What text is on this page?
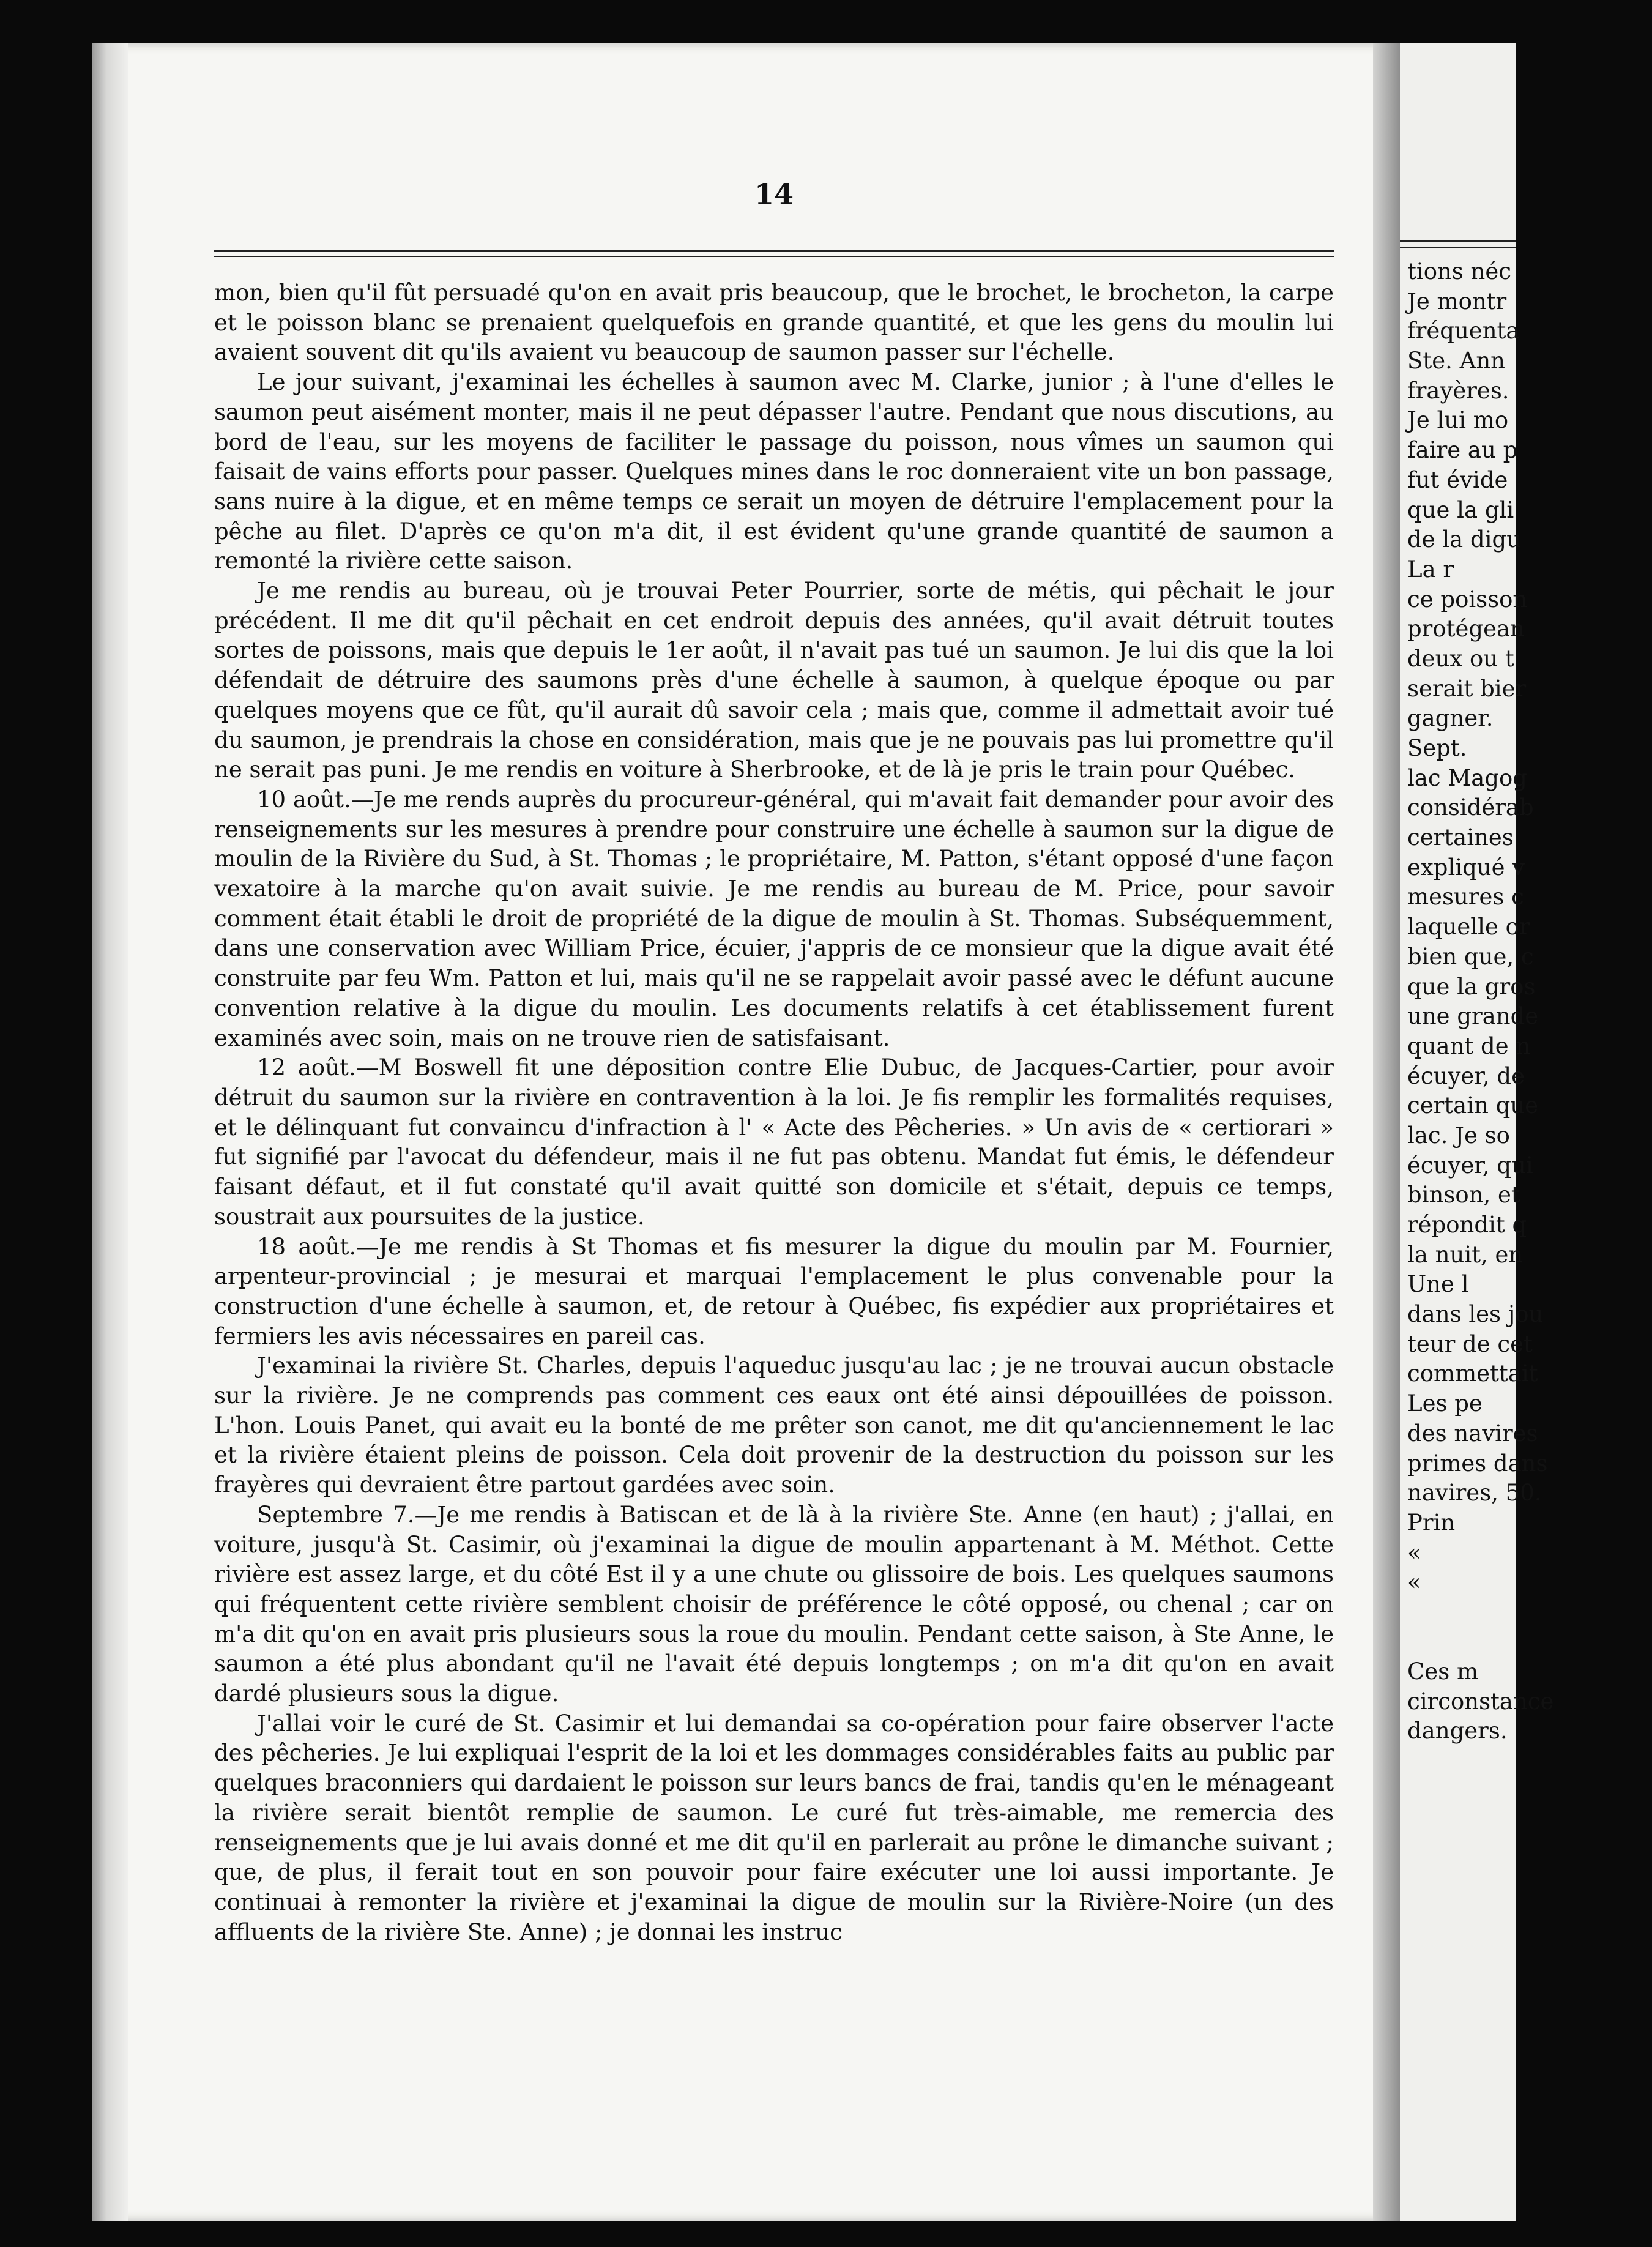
14

mon, bien qu'il fût persuadé qu'on en avait pris beaucoup, que le brochet, le brocheton, la carpe et le poisson blanc se prenaient quelquefois en grande quantité, et que les gens du moulin lui avaient souvent dit qu'ils avaient vu beaucoup de saumon passer sur l'échelle.

Le jour suivant, j'examinai les échelles à saumon avec M. Clarke, junior ; à l'une d'elles le saumon peut aisément monter, mais il ne peut dépasser l'autre. Pendant que nous discutions, au bord de l'eau, sur les moyens de faciliter le passage du poisson, nous vîmes un saumon qui faisait de vains efforts pour passer. Quelques mines dans le roc donneraient vite un bon passage, sans nuire à la digue, et en même temps ce serait un moyen de détruire l'emplacement pour la pêche au filet. D'après ce qu'on m'a dit, il est évident qu'une grande quantité de saumon a remonté la rivière cette saison.

Je me rendis au bureau, où je trouvai Peter Pourrier, sorte de métis, qui pêchait le jour précédent. Il me dit qu'il pêchait en cet endroit depuis des années, qu'il avait détruit toutes sortes de poissons, mais que depuis le 1er août, il n'avait pas tué un saumon. Je lui dis que la loi défendait de détruire des saumons près d'une échelle à saumon, à quelque époque ou par quelques moyens que ce fût, qu'il aurait dû savoir cela ; mais que, comme il admettait avoir tué du saumon, je prendrais la chose en considération, mais que je ne pouvais pas lui promettre qu'il ne serait pas puni. Je me rendis en voiture à Sherbrooke, et de là je pris le train pour Québec.

10 août.—Je me rends auprès du procureur-général, qui m'avait fait demander pour avoir des renseignements sur les mesures à prendre pour construire une échelle à saumon sur la digue de moulin de la Rivière du Sud, à St. Thomas ; le propriétaire, M. Patton, s'étant opposé d'une façon vexatoire à la marche qu'on avait suivie. Je me rendis au bureau de M. Price, pour savoir comment était établi le droit de propriété de la digue de moulin à St. Thomas. Subséquemment, dans une conservation avec William Price, écuier, j'appris de ce monsieur que la digue avait été construite par feu Wm. Patton et lui, mais qu'il ne se rappelait avoir passé avec le défunt aucune convention relative à la digue du moulin. Les documents relatifs à cet établissement furent examinés avec soin, mais on ne trouve rien de satisfaisant.

12 août.—M Boswell fit une déposition contre Elie Dubuc, de Jacques-Cartier, pour avoir détruit du saumon sur la rivière en contravention à la loi. Je fis remplir les formalités requises, et le délinquant fut convaincu d'infraction à l' « Acte des Pêcheries. » Un avis de « certiorari » fut signifié par l'avocat du défendeur, mais il ne fut pas obtenu. Mandat fut émis, le défendeur faisant défaut, et il fut constaté qu'il avait quitté son domicile et s'était, depuis ce temps, soustrait aux poursuites de la justice.

18 août.—Je me rendis à St Thomas et fis mesurer la digue du moulin par M. Fournier, arpenteur-provincial ; je mesurai et marquai l'emplacement le plus convenable pour la construction d'une échelle à saumon, et, de retour à Québec, fis expédier aux propriétaires et fermiers les avis nécessaires en pareil cas.

J'examinai la rivière St. Charles, depuis l'aqueduc jusqu'au lac ; je ne trouvai aucun obstacle sur la rivière. Je ne comprends pas comment ces eaux ont été ainsi dépouillées de poisson. L'hon. Louis Panet, qui avait eu la bonté de me prêter son canot, me dit qu'anciennement le lac et la rivière étaient pleins de poisson. Cela doit provenir de la destruction du poisson sur les frayères qui devraient être partout gardées avec soin.

Septembre 7.—Je me rendis à Batiscan et de là à la rivière Ste. Anne (en haut) ; j'allai, en voiture, jusqu'à St. Casimir, où j'examinai la digue de moulin appartenant à M. Méthot. Cette rivière est assez large, et du côté Est il y a une chute ou glissoire de bois. Les quelques saumons qui fréquentent cette rivière semblent choisir de préférence le côté opposé, ou chenal ; car on m'a dit qu'on en avait pris plusieurs sous la roue du moulin. Pendant cette saison, à Ste Anne, le saumon a été plus abondant qu'il ne l'avait été depuis longtemps ; on m'a dit qu'on en avait dardé plusieurs sous la digue.

J'allai voir le curé de St. Casimir et lui demandai sa co-opération pour faire observer l'acte des pêcheries. Je lui expliquai l'esprit de la loi et les dommages considérables faits au public par quelques braconniers qui dardaient le poisson sur leurs bancs de frai, tandis qu'en le ménageant la rivière serait bientôt remplie de saumon. Le curé fut très-aimable, me remercia des renseignements que je lui avais donné et me dit qu'il en parlerait au prône le dimanche suivant ; que, de plus, il ferait tout en son pouvoir pour faire exécuter une loi aussi importante. Je continuai à remonter la rivière et j'examinai la digue de moulin sur la Rivière-Noire (un des affluents de la rivière Ste. Anne) ; je donnai les instruc

tions néc
Je montr
fréquenta
Ste. Ann
frayères.
Je lui mo
faire au p
fut évide
que la gli
de la digu
La r
ce poisson
protégean
deux ou t
serait bier
gagner.
Sept.
lac Magog
considérab
certaines
expliqué v
mesures c
laquelle or
bien que, c
que la gros
une grande
quant de n
écuyer, de
certain que
lac. Je so
écuyer, qui
binson, et
répondit q
la nuit, en
Une l
dans les jou
teur de cet
commettait
Les pe
des navires
primes dans
navires, 50.
Prin
«
«
Ces m
circonstance
dangers.
